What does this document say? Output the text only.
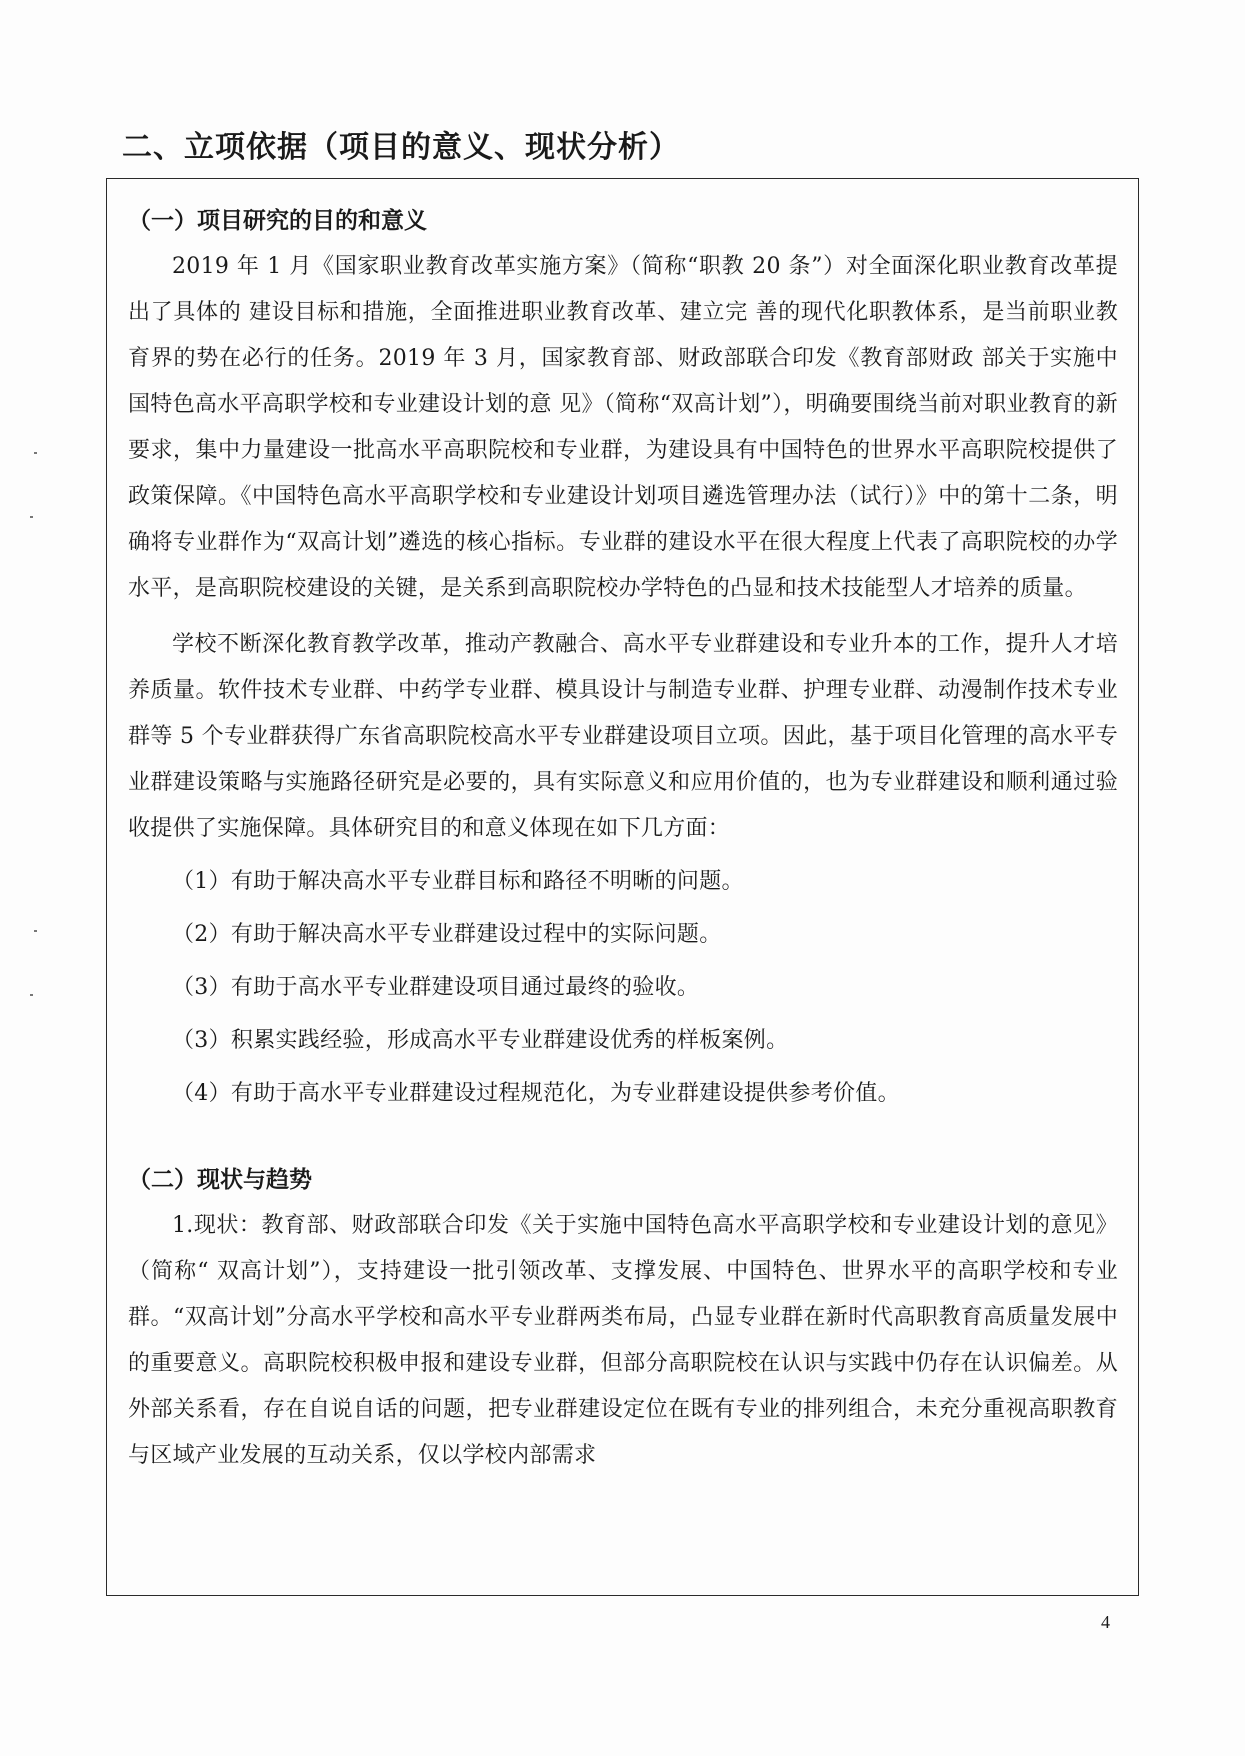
二、立项依据（项目的意义、现状分析）

（一）项目研究的目的和意义

2019 年 1 月《国家职业教育改革实施方案》（简称“职教 20 条”）对全面深化职业教育改革提出了具体的 建设目标和措施，全面推进职业教育改革、建立完 善的现代化职教体系，是当前职业教育界的势在必行的任务。2019 年 3 月，国家教育部、财政部联合印发《教育部财政 部关于实施中国特色高水平高职学校和专业建设计划的意 见》（简称“双高计划”），明确要围绕当前对职业教育的新要求，集中力量建设一批高水平高职院校和专业群，为建设具有中国特色的世界水平高职院校提供了政策保障。《中国特色高水平高职学校和专业建设计划项目遴选管理办法（试行）》中的第十二条，明确将专业群作为“双高计划”遴选的核心指标。专业群的建设水平在很大程度上代表了高职院校的办学水平，是高职院校建设的关键，是关系到高职院校办学特色的凸显和技术技能型人才培养的质量。

学校不断深化教育教学改革，推动产教融合、高水平专业群建设和专业升本的工作，提升人才培养质量。软件技术专业群、中药学专业群、模具设计与制造专业群、护理专业群、动漫制作技术专业群等 5 个专业群获得广东省高职院校高水平专业群建设项目立项。因此，基于项目化管理的高水平专业群建设策略与实施路径研究是必要的，具有实际意义和应用价值的，也为专业群建设和顺利通过验收提供了实施保障。具体研究目的和意义体现在如下几方面：

（1）有助于解决高水平专业群目标和路径不明晰的问题。

（2）有助于解决高水平专业群建设过程中的实际问题。

（3）有助于高水平专业群建设项目通过最终的验收。

（3）积累实践经验，形成高水平专业群建设优秀的样板案例。

（4）有助于高水平专业群建设过程规范化，为专业群建设提供参考价值。

（二）现状与趋势

1.现状：教育部、财政部联合印发《关于实施中国特色高水平高职学校和专业建设计划的意见》（简称“ 双高计划”），支持建设一批引领改革、支撑发展、中国特色、世界水平的高职学校和专业群。“双高计划”分高水平学校和高水平专业群两类布局，凸显专业群在新时代高职教育高质量发展中的重要意义。高职院校积极申报和建设专业群，但部分高职院校在认识与实践中仍存在认识偏差。从外部关系看，存在自说自话的问题，把专业群建设定位在既有专业的排列组合，未充分重视高职教育与区域产业发展的互动关系，仅以学校内部需求

4
